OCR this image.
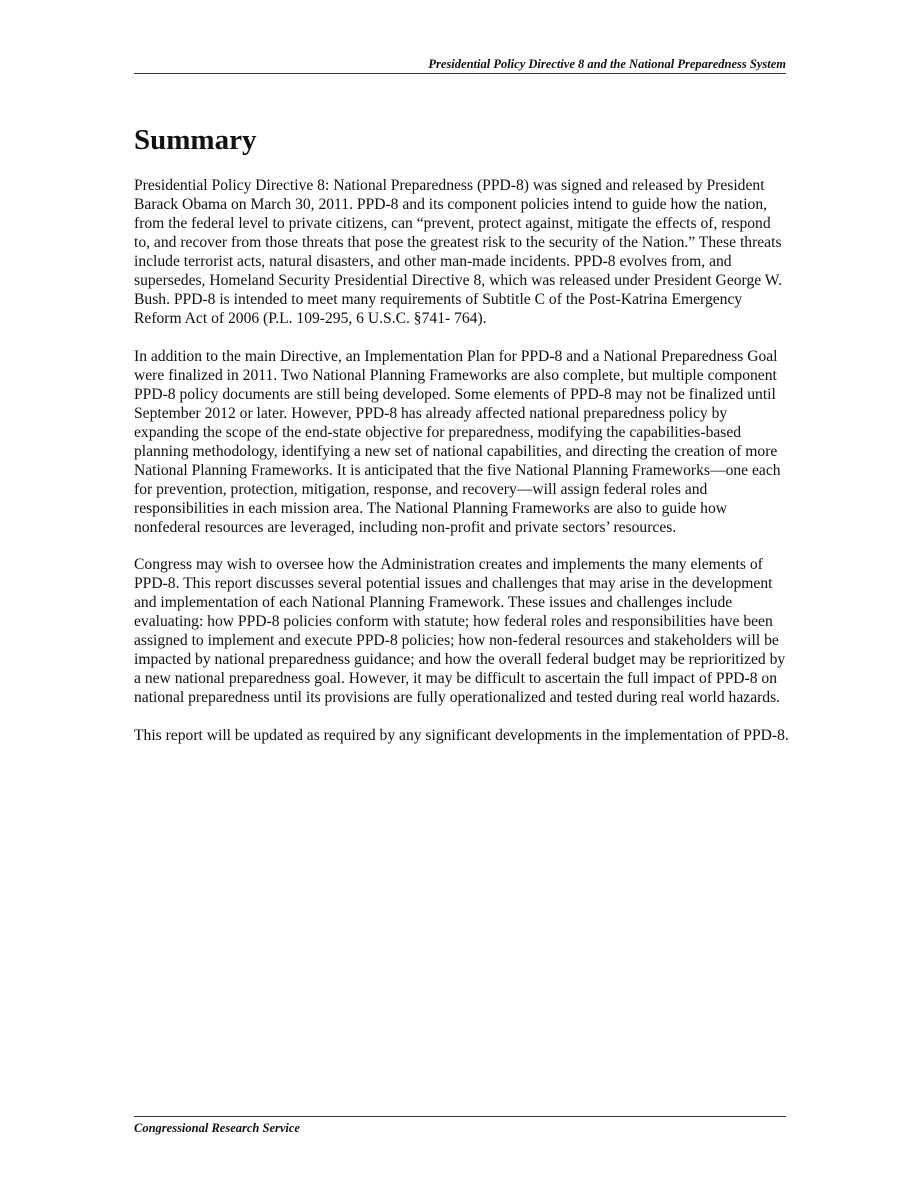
Presidential Policy Directive 8 and the National Preparedness System
Summary

Presidential Policy Directive 8: National Preparedness (PPD-8) was signed and released by President Barack Obama on March 30, 2011. PPD-8 and its component policies intend to guide how the nation, from the federal level to private citizens, can “prevent, protect against, mitigate the effects of, respond to, and recover from those threats that pose the greatest risk to the security of the Nation.” These threats include terrorist acts, natural disasters, and other man-made incidents. PPD-8 evolves from, and supersedes, Homeland Security Presidential Directive 8, which was released under President George W. Bush. PPD-8 is intended to meet many requirements of Subtitle C of the Post-Katrina Emergency Reform Act of 2006 (P.L. 109-295, 6 U.S.C. §741- 764).

In addition to the main Directive, an Implementation Plan for PPD-8 and a National Preparedness Goal were finalized in 2011. Two National Planning Frameworks are also complete, but multiple component PPD-8 policy documents are still being developed. Some elements of PPD-8 may not be finalized until September 2012 or later. However, PPD-8 has already affected national preparedness policy by expanding the scope of the end-state objective for preparedness, modifying the capabilities-based planning methodology, identifying a new set of national capabilities, and directing the creation of more National Planning Frameworks. It is anticipated that the five National Planning Frameworks—one each for prevention, protection, mitigation, response, and recovery—will assign federal roles and responsibilities in each mission area. The National Planning Frameworks are also to guide how nonfederal resources are leveraged, including non-profit and private sectors’ resources.

Congress may wish to oversee how the Administration creates and implements the many elements of PPD-8. This report discusses several potential issues and challenges that may arise in the development and implementation of each National Planning Framework. These issues and challenges include evaluating: how PPD-8 policies conform with statute; how federal roles and responsibilities have been assigned to implement and execute PPD-8 policies; how non-federal resources and stakeholders will be impacted by national preparedness guidance; and how the overall federal budget may be reprioritized by a new national preparedness goal. However, it may be difficult to ascertain the full impact of PPD-8 on national preparedness until its provisions are fully operationalized and tested during real world hazards.

This report will be updated as required by any significant developments in the implementation of PPD-8.

Congressional Research Service
